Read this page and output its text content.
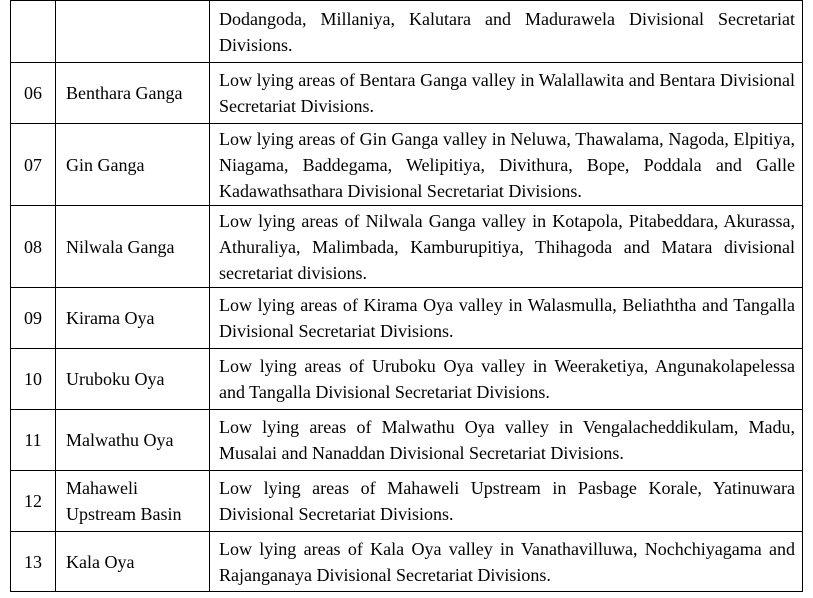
		Dodangoda, Millaniya, Kalutara and Madurawela Divisional Secretariat Divisions.
06	Benthara Ganga	Low lying areas of Bentara Ganga valley in Walallawita and Bentara Divisional Secretariat Divisions.
07	Gin Ganga	Low lying areas of Gin Ganga valley in Neluwa, Thawalama, Nagoda, Elpitiya, Niagama, Baddegama, Welipitiya, Divithura, Bope, Poddala and Galle Kadawathsathara Divisional Secretariat Divisions.
08	Nilwala Ganga	Low lying areas of Nilwala Ganga valley in Kotapola, Pitabeddara, Akurassa, Athuraliya, Malimbada, Kamburupitiya, Thihagoda and Matara divisional secretariat divisions.
09	Kirama Oya	Low lying areas of Kirama Oya valley in Walasmulla, Beliaththa and Tangalla Divisional Secretariat Divisions.
10	Uruboku Oya	Low lying areas of Uruboku Oya valley in Weeraketiya, Angunakolapelessa and Tangalla Divisional Secretariat Divisions.
11	Malwathu Oya	Low lying areas of Malwathu Oya valley in Vengalacheddikulam, Madu, Musalai and Nanaddan Divisional Secretariat Divisions.
12	Mahaweli Upstream Basin	Low lying areas of Mahaweli Upstream in Pasbage Korale, Yatinuwara Divisional Secretariat Divisions.
13	Kala Oya	Low lying areas of Kala Oya valley in Vanathavilluwa, Nochchiyagama and Rajanganaya Divisional Secretariat Divisions.
